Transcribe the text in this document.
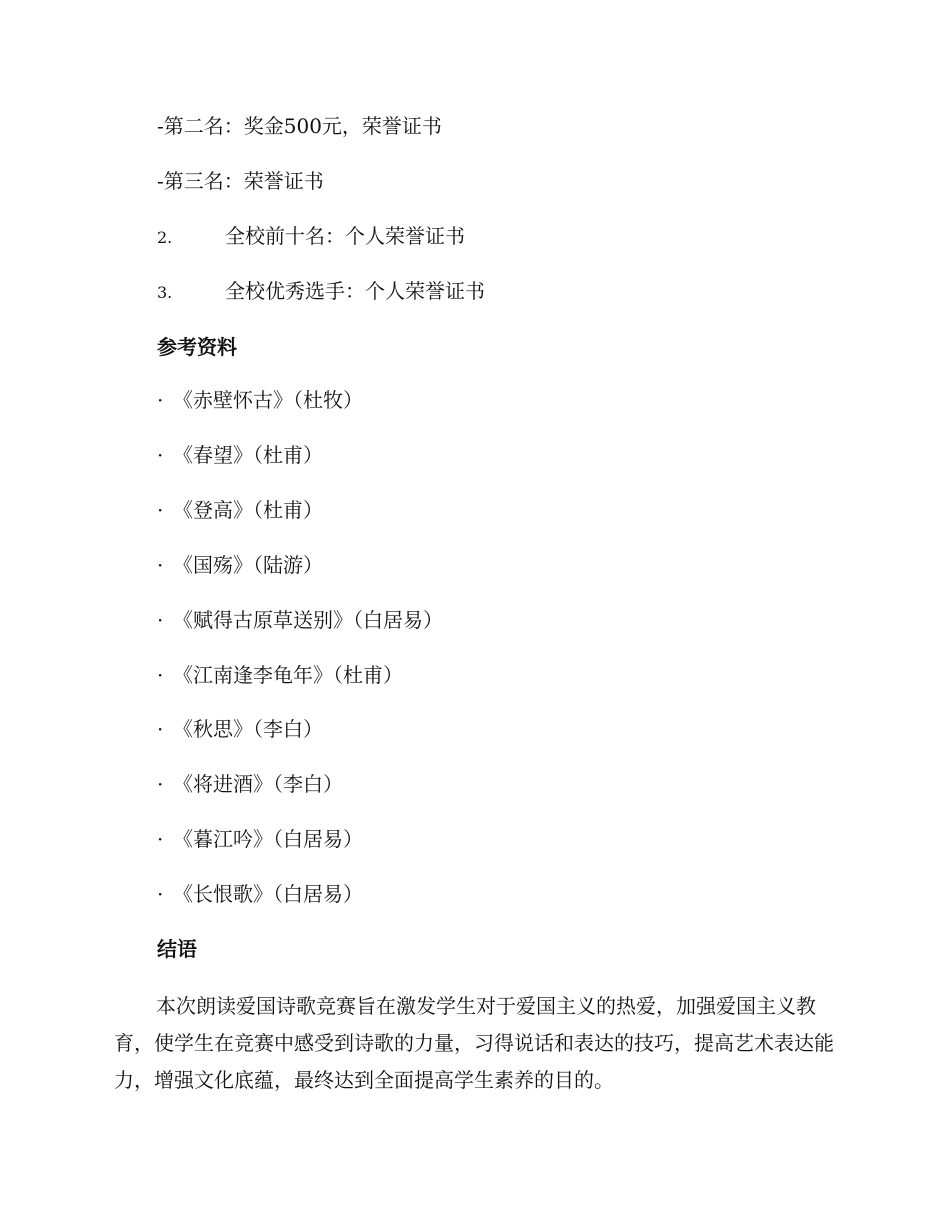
-第二名：奖金500元，荣誉证书
-第三名：荣誉证书
2.	全校前十名：个人荣誉证书
3.	全校优秀选手：个人荣誉证书
参考资料
· 《赤壁怀古》（杜牧）
· 《春望》（杜甫）
· 《登高》（杜甫）
· 《国殇》（陆游）
· 《赋得古原草送别》（白居易）
· 《江南逢李龟年》（杜甫）
· 《秋思》（李白）
· 《将进酒》（李白）
· 《暮江吟》（白居易）
· 《长恨歌》（白居易）
结语
本次朗读爱国诗歌竞赛旨在激发学生对于爱国主义的热爱，加强爱国主义教育，使学生在竞赛中感受到诗歌的力量，习得说话和表达的技巧，提高艺术表达能力，增强文化底蕴，最终达到全面提高学生素养的目的。
